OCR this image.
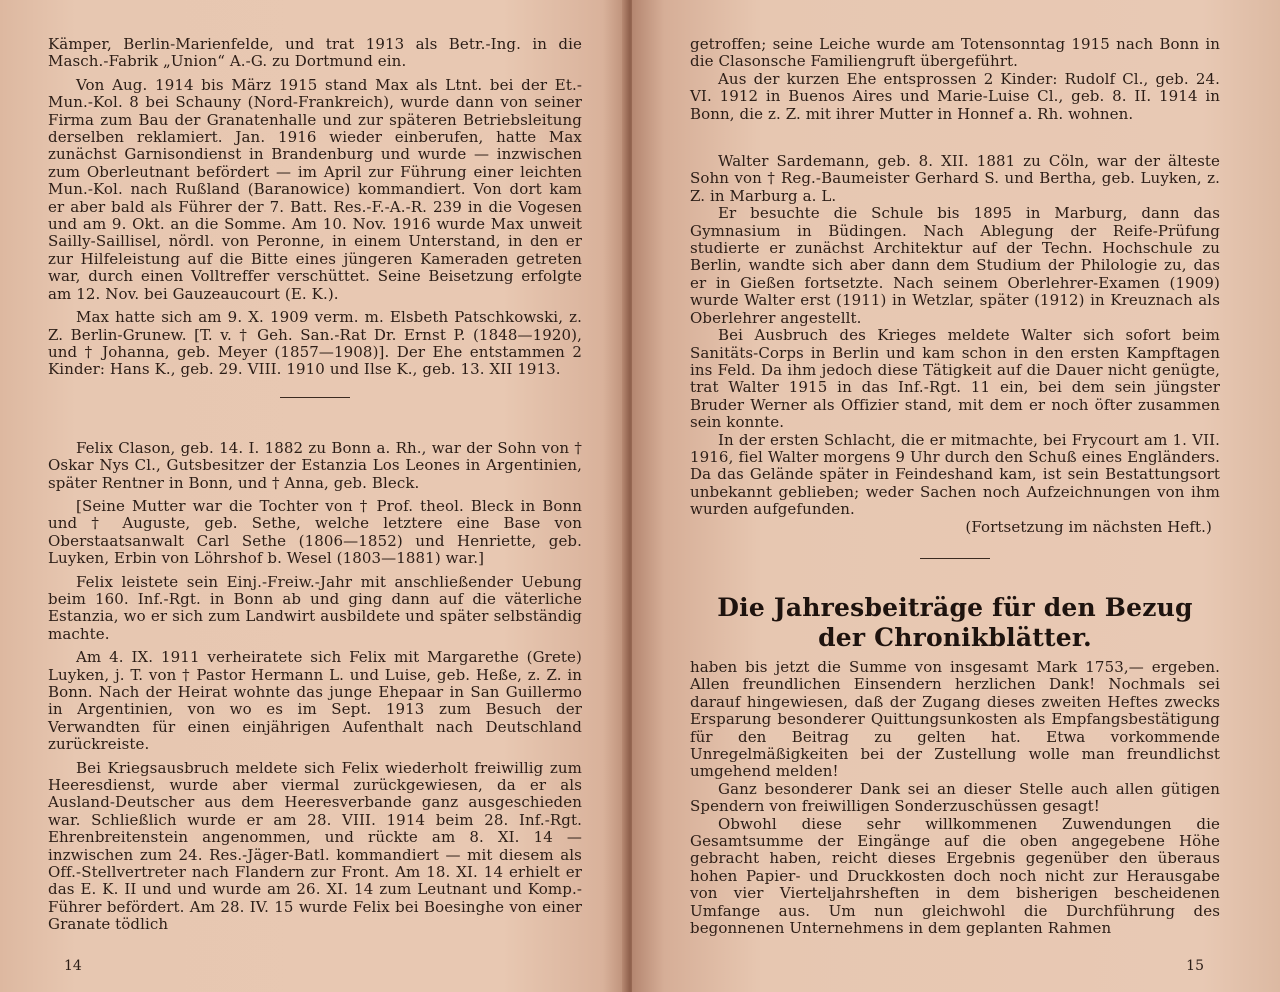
Kämper, Berlin-Marienfelde, und trat 1913 als Betr.-Ing. in die Masch.-Fabrik „Union“ A.-G. zu Dortmund ein.

Von Aug. 1914 bis März 1915 stand Max als Ltnt. bei der Et.-Mun.-Kol. 8 bei Schauny (Nord-Frankreich), wurde dann von seiner Firma zum Bau der Granatenhalle und zur späteren Betriebsleitung derselben reklamiert. Jan. 1916 wieder einberufen, hatte Max zunächst Garnisondienst in Brandenburg und wurde — inzwischen zum Oberleutnant befördert — im April zur Führung einer leichten Mun.-Kol. nach Rußland (Baranowice) kommandiert. Von dort kam er aber bald als Führer der 7. Batt. Res.-F.-A.-R. 239 in die Vogesen und am 9. Okt. an die Somme. Am 10. Nov. 1916 wurde Max unweit Sailly-Saillisel, nördl. von Peronne, in einem Unterstand, in den er zur Hilfeleistung auf die Bitte eines jüngeren Kameraden getreten war, durch einen Volltreffer verschüttet. Seine Beisetzung erfolgte am 12. Nov. bei Gauzeaucourt (E. K.).

Max hatte sich am 9. X. 1909 verm. m. Elsbeth Patschkowski, z. Z. Berlin-Grunew. [T. v. † Geh. San.-Rat Dr. Ernst P. (1848—1920), und † Johanna, geb. Meyer (1857—1908)]. Der Ehe entstammen 2 Kinder: Hans K., geb. 29. VIII. 1910 und Ilse K., geb. 13. XII 1913.

Felix Clason, geb. 14. I. 1882 zu Bonn a. Rh., war der Sohn von † Oskar Nys Cl., Gutsbesitzer der Estanzia Los Leones in Argentinien, später Rentner in Bonn, und † Anna, geb. Bleck.

[Seine Mutter war die Tochter von † Prof. theol. Bleck in Bonn und † Auguste, geb. Sethe, welche letztere eine Base von Oberstaatsanwalt Carl Sethe (1806—1852) und Henriette, geb. Luyken, Erbin von Löhrshof b. Wesel (1803—1881) war.]

Felix leistete sein Einj.-Freiw.-Jahr mit anschließender Uebung beim 160. Inf.-Rgt. in Bonn ab und ging dann auf die väterliche Estanzia, wo er sich zum Landwirt ausbildete und später selbständig machte.

Am 4. IX. 1911 verheiratete sich Felix mit Margarethe (Grete) Luyken, j. T. von † Pastor Hermann L. und Luise, geb. Heße, z. Z. in Bonn. Nach der Heirat wohnte das junge Ehepaar in San Guillermo in Argentinien, von wo es im Sept. 1913 zum Besuch der Verwandten für einen einjährigen Aufenthalt nach Deutschland zurückreiste.

Bei Kriegsausbruch meldete sich Felix wiederholt freiwillig zum Heeresdienst, wurde aber viermal zurückgewiesen, da er als Ausland-Deutscher aus dem Heeresverbande ganz ausgeschieden war. Schließlich wurde er am 28. VIII. 1914 beim 28. Inf.-Rgt. Ehrenbreitenstein angenommen, und rückte am 8. XI. 14 — inzwischen zum 24. Res.-Jäger-Batl. kommandiert — mit diesem als Off.-Stellvertreter nach Flandern zur Front. Am 18. XI. 14 erhielt er das E. K. II und und wurde am 26. XI. 14 zum Leutnant und Komp.-Führer befördert. Am 28. IV. 15 wurde Felix bei Boesinghe von einer Granate tödlich

14

getroffen; seine Leiche wurde am Totensonntag 1915 nach Bonn in die Clasonsche Familiengruft übergeführt.

Aus der kurzen Ehe entsprossen 2 Kinder: Rudolf Cl., geb. 24. VI. 1912 in Buenos Aires und Marie-Luise Cl., geb. 8. II. 1914 in Bonn, die z. Z. mit ihrer Mutter in Honnef a. Rh. wohnen.

Walter Sardemann, geb. 8. XII. 1881 zu Cöln, war der älteste Sohn von † Reg.-Baumeister Gerhard S. und Bertha, geb. Luyken, z. Z. in Marburg a. L.

Er besuchte die Schule bis 1895 in Marburg, dann das Gymnasium in Büdingen. Nach Ablegung der Reife-Prüfung studierte er zunächst Architektur auf der Techn. Hochschule zu Berlin, wandte sich aber dann dem Studium der Philologie zu, das er in Gießen fortsetzte. Nach seinem Oberlehrer-Examen (1909) wurde Walter erst (1911) in Wetzlar, später (1912) in Kreuznach als Oberlehrer angestellt.

Bei Ausbruch des Krieges meldete Walter sich sofort beim Sanitäts-Corps in Berlin und kam schon in den ersten Kampftagen ins Feld. Da ihm jedoch diese Tätigkeit auf die Dauer nicht genügte, trat Walter 1915 in das Inf.-Rgt. 11 ein, bei dem sein jüngster Bruder Werner als Offizier stand, mit dem er noch öfter zusammen sein konnte.

In der ersten Schlacht, die er mitmachte, bei Frycourt am 1. VII. 1916, fiel Walter morgens 9 Uhr durch den Schuß eines Engländers. Da das Gelände später in Feindeshand kam, ist sein Bestattungsort unbekannt geblieben; weder Sachen noch Aufzeichnungen von ihm wurden aufgefunden.

(Fortsetzung im nächsten Heft.)

Die Jahresbeiträge für den Bezug der Chronikblätter.

haben bis jetzt die Summe von insgesamt Mark 1753,— ergeben. Allen freundlichen Einsendern herzlichen Dank! Nochmals sei darauf hingewiesen, daß der Zugang dieses zweiten Heftes zwecks Ersparung besonderer Quittungsunkosten als Empfangsbestätigung für den Beitrag zu gelten hat. Etwa vorkommende Unregelmäßigkeiten bei der Zustellung wolle man freundlichst umgehend melden!

Ganz besonderer Dank sei an dieser Stelle auch allen gütigen Spendern von freiwilligen Sonderzuschüssen gesagt!

Obwohl diese sehr willkommenen Zuwendungen die Gesamtsumme der Eingänge auf die oben angegebene Höhe gebracht haben, reicht dieses Ergebnis gegenüber den überaus hohen Papier- und Druckkosten doch noch nicht zur Herausgabe von vier Vierteljahrsheften in dem bisherigen bescheidenen Umfange aus. Um nun gleichwohl die Durchführung des begonnenen Unternehmens in dem geplanten Rahmen

15
